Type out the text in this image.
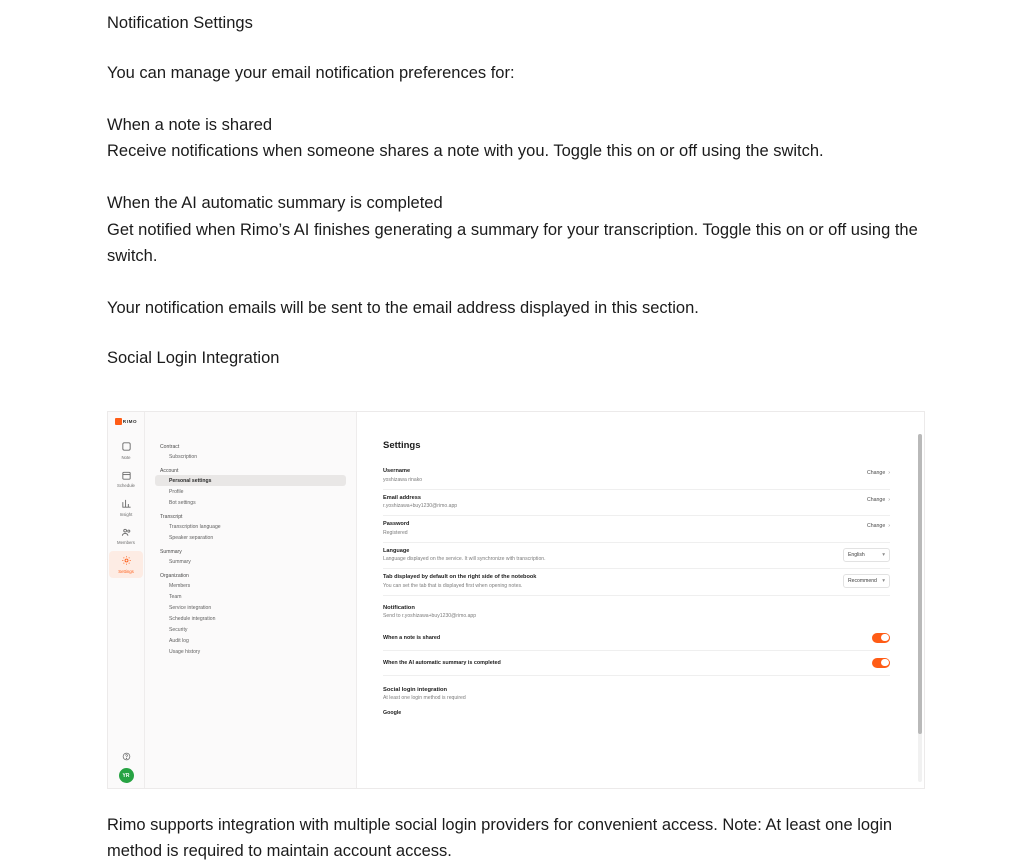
Notification Settings

You can manage your email notification preferences for:

When a note is shared

Receive notifications when someone shares a note with you. Toggle this on or off using the switch.

When the AI automatic summary is completed

Get notified when Rimo’s AI finishes generating a summary for your transcription. Toggle this on or off using the switch.

Your notification emails will be sent to the email address displayed in this section.

Social Login Integration

RIMO
Note
Schedule
Insight
Members
Settings
YR
Contract
Subscription
Account
Personal settings
Profile
Bot settings
Transcript
Transcription language
Speaker separation
Summary
Summary
Organization
Members
Team
Service integration
Schedule integration
Security
Audit log
Usage history
Settings
Username
yoshizawa rinako
Change ›
Email address
r.yoshizawa+buy1230@rimo.app
Change ›
Password
Registered
Change ›
Language
Language displayed on the service. It will synchronize with transcription.
English	▾
Tab displayed by default on the right side of the notebook
You can set the tab that is displayed first when opening notes.
Recommend ▾
Notification
Send to r.yoshizawa+buy1230@rimo.app
When a note is shared
When the AI automatic summary is completed
Social login integration
At least one login method is required
Google

Rimo supports integration with multiple social login providers for convenient access. Note: At least one login method is required to maintain account access.
